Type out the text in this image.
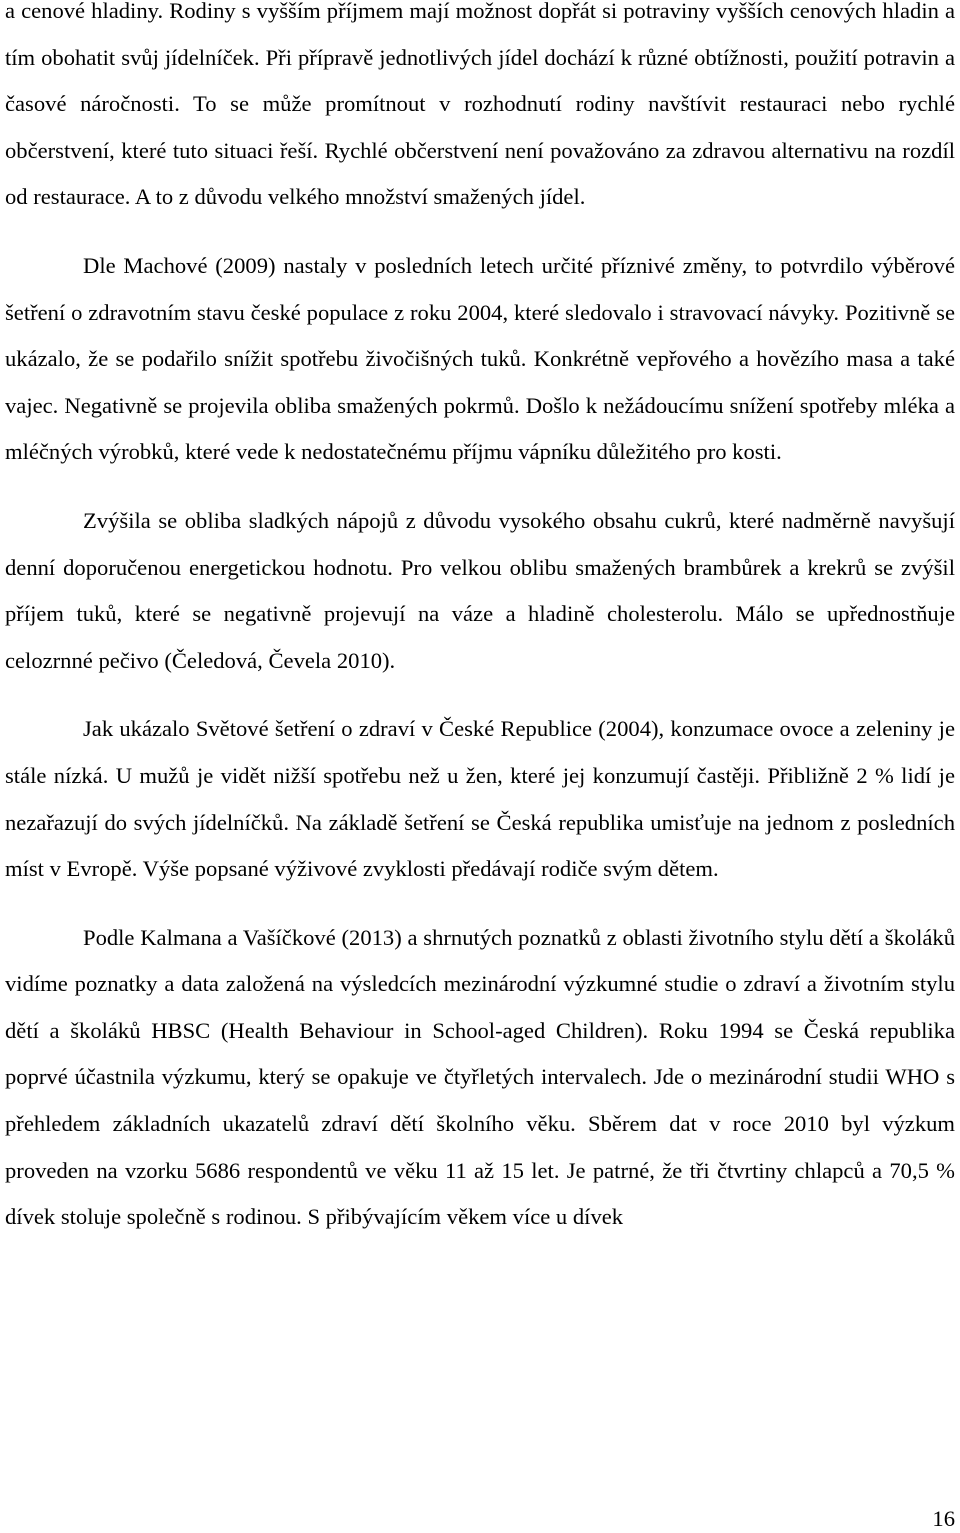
a cenové hladiny. Rodiny s vyšším příjmem mají možnost dopřát si potraviny vyšších cenových hladin a tím obohatit svůj jídelníček. Při přípravě jednotlivých jídel dochází k různé obtížnosti, použití potravin a časové náročnosti. To se může promítnout v rozhodnutí rodiny navštívit restauraci nebo rychlé občerstvení, které tuto situaci řeší. Rychlé občerstvení není považováno za zdravou alternativu na rozdíl od restaurace. A to z důvodu velkého množství smažených jídel.

Dle Machové (2009) nastaly v posledních letech určité příznivé změny, to potvrdilo výběrové šetření o zdravotním stavu české populace z roku 2004, které sledovalo i stravovací návyky. Pozitivně se ukázalo, že se podařilo snížit spotřebu živočišných tuků. Konkrétně vepřového a hovězího masa a také vajec. Negativně se projevila obliba smažených pokrmů. Došlo k nežádoucímu snížení spotřeby mléka a mléčných výrobků, které vede k nedostatečnému příjmu vápníku důležitého pro kosti.

Zvýšila se obliba sladkých nápojů z důvodu vysokého obsahu cukrů, které nadměrně navyšují denní doporučenou energetickou hodnotu. Pro velkou oblibu smažených brambůrek a krekrů se zvýšil příjem tuků, které se negativně projevují na váze a hladině cholesterolu. Málo se upřednostňuje celozrnné pečivo (Čeledová, Čevela 2010).

Jak ukázalo Světové šetření o zdraví v České Republice (2004), konzumace ovoce a zeleniny je stále nízká. U mužů je vidět nižší spotřebu než u žen, které jej konzumují častěji. Přibližně 2 % lidí je nezařazují do svých jídelníčků. Na základě šetření se Česká republika umisťuje na jednom z posledních míst v Evropě. Výše popsané výživové zvyklosti předávají rodiče svým dětem.

Podle Kalmana a Vašíčkové (2013) a shrnutých poznatků z oblasti životního stylu dětí a školáků vidíme poznatky a data založená na výsledcích mezinárodní výzkumné studie o zdraví a životním stylu dětí a školáků HBSC (Health Behaviour in School-aged Children). Roku 1994 se Česká republika poprvé účastnila výzkumu, který se opakuje ve čtyřletých intervalech. Jde o mezinárodní studii WHO s přehledem základních ukazatelů zdraví dětí školního věku. Sběrem dat v roce 2010 byl výzkum proveden na vzorku 5686 respondentů ve věku 11 až 15 let. Je patrné, že tři čtvrtiny chlapců a 70,5 % dívek stoluje společně s rodinou. S přibývajícím věkem více u dívek

16
